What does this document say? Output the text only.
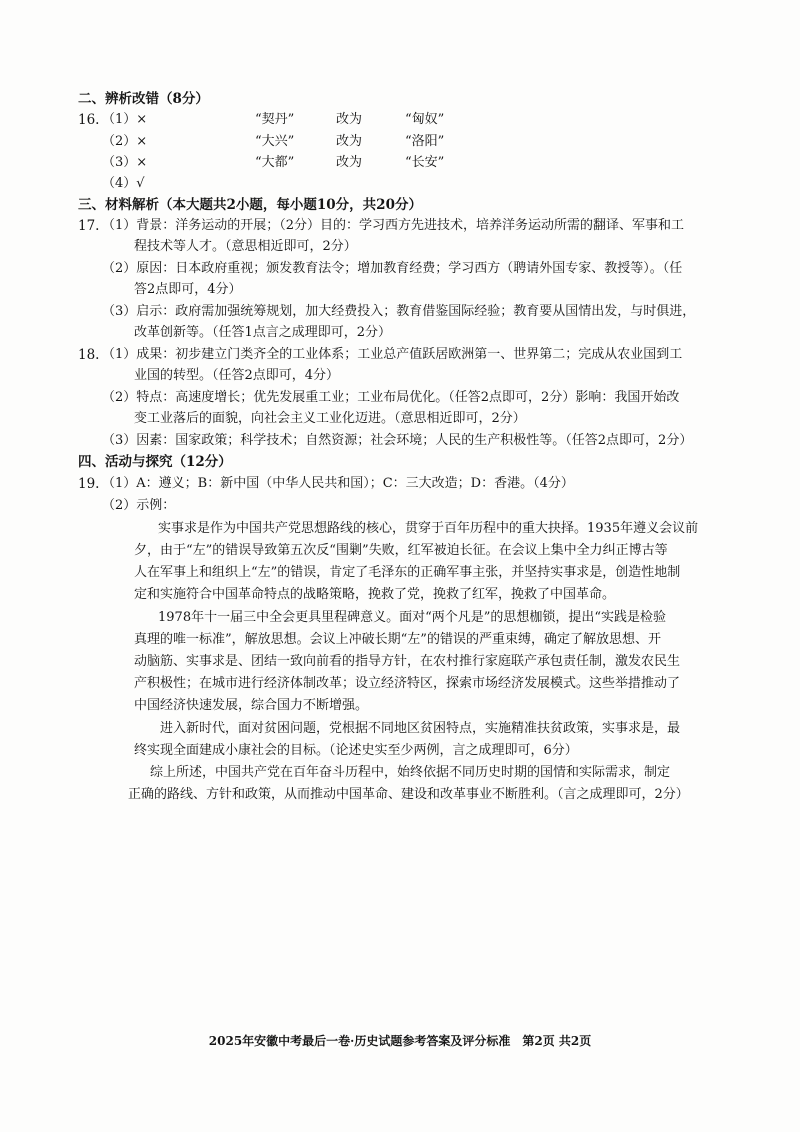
二、辨析改错（8分）
16. （1）×	“契丹”	改为	“匈奴”
（2）×	“大兴”	改为	“洛阳”
（3）×	“大都”	改为	“长安”
（4）√
三、材料解析（本大题共2小题，每小题10分，共20分）
17. （1）背景：洋务运动的开展；（2分）目的：学习西方先进技术，培养洋务运动所需的翻译、军事和工
程技术等人才。（意思相近即可，2分）
（2）原因：日本政府重视；颁发教育法令；增加教育经费；学习西方（聘请外国专家、教授等）。（任
答2点即可，4分）
（3）启示：政府需加强统筹规划，加大经费投入；教育借鉴国际经验；教育要从国情出发，与时俱进，
改革创新等。（任答1点言之成理即可，2分）
18. （1）成果：初步建立门类齐全的工业体系；工业总产值跃居欧洲第一、世界第二；完成从农业国到工
业国的转型。（任答2点即可，4分）
（2）特点：高速度增长；优先发展重工业；工业布局优化。（任答2点即可，2分）影响：我国开始改
变工业落后的面貌，向社会主义工业化迈进。（意思相近即可，2分）
（3）因素：国家政策；科学技术；自然资源；社会环境；人民的生产积极性等。（任答2点即可，2分）
四、活动与探究（12分）
19. （1）A：遵义；B：新中国（中华人民共和国）；C：三大改造；D：香港。（4分）
（2）示例：
实事求是作为中国共产党思想路线的核心，贯穿于百年历程中的重大抉择。1935年遵义会议前
夕，由于“左”的错误导致第五次反“围剿”失败，红军被迫长征。在会议上集中全力纠正博古等
人在军事上和组织上“左”的错误，肯定了毛泽东的正确军事主张，并坚持实事求是，创造性地制
定和实施符合中国革命特点的战略策略，挽救了党，挽救了红军，挽救了中国革命。
1978年十一届三中全会更具里程碑意义。面对“两个凡是”的思想枷锁，提出“实践是检验
真理的唯一标准”，解放思想。会议上冲破长期“左”的错误的严重束缚，确定了解放思想、开
动脑筋、实事求是、团结一致向前看的指导方针，在农村推行家庭联产承包责任制，激发农民生
产积极性；在城市进行经济体制改革；设立经济特区，探索市场经济发展模式。这些举措推动了
中国经济快速发展，综合国力不断增强。
进入新时代，面对贫困问题，党根据不同地区贫困特点，实施精准扶贫政策，实事求是，最
终实现全面建成小康社会的目标。（论述史实至少两例，言之成理即可，6分）
综上所述，中国共产党在百年奋斗历程中，始终依据不同历史时期的国情和实际需求，制定
正确的路线、方针和政策，从而推动中国革命、建设和改革事业不断胜利。（言之成理即可，2分）
2025年安徽中考最后一卷·历史试题参考答案及评分标准　第2页 共2页
